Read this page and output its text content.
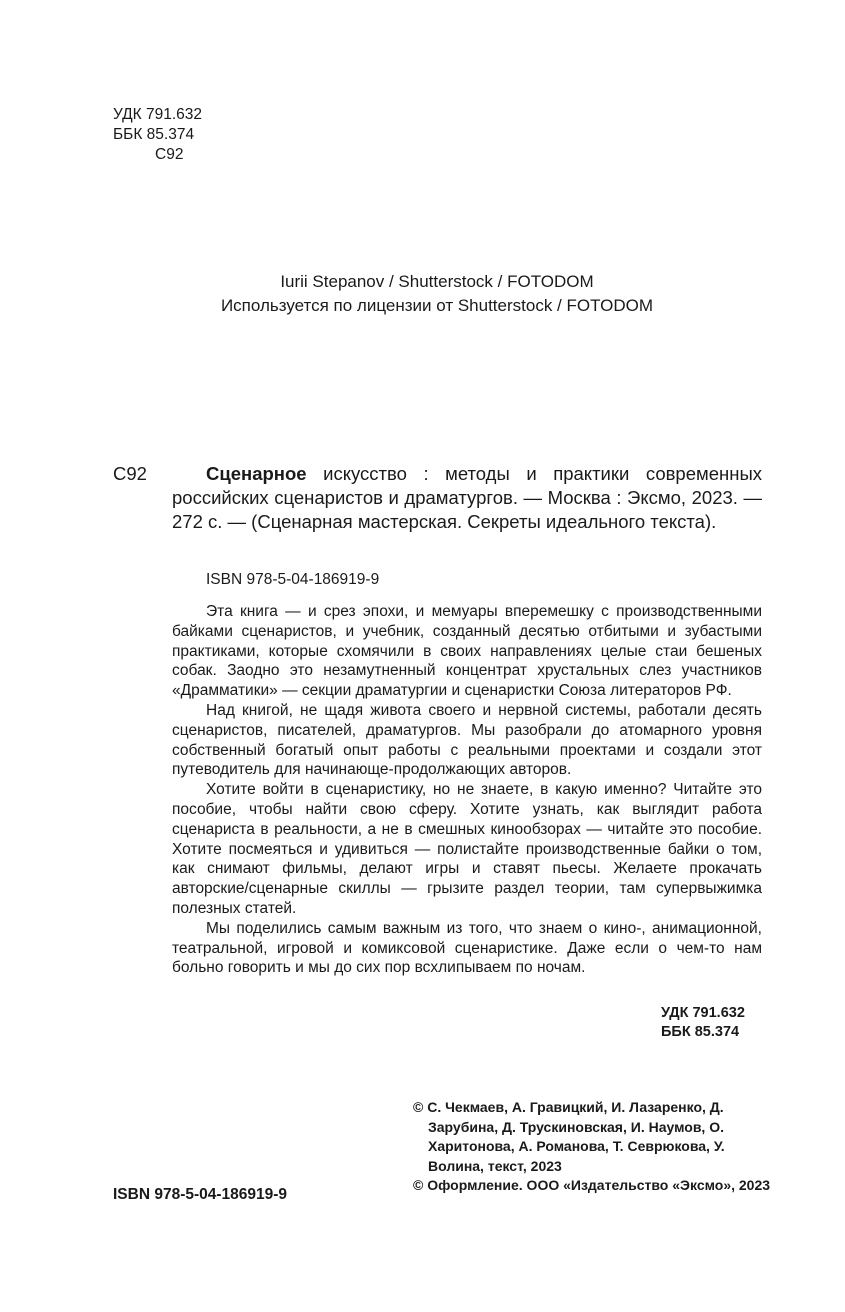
УДК 791.632
ББК 85.374
С92
Iurii Stepanov / Shutterstock / FOTODOM
Используется по лицензии от Shutterstock / FOTODOM
С92	Сценарное искусство : методы и практики современных российских сценаристов и драматургов. — Москва : Эксмо, 2023. — 272 с. — (Сценарная мастерская. Секреты идеального текста).

ISBN 978-5-04-186919-9

Эта книга — и срез эпохи, и мемуары вперемешку с производственными байками сценаристов, и учебник, созданный десятью отбитыми и зубастыми практиками, которые схомячили в своих направлениях целые стаи бешеных собак. Заодно это незамутненный концентрат хрустальных слез участников «Драмматики» — секции драматургии и сценаристки Союза литераторов РФ.

Над книгой, не щадя живота своего и нервной системы, работали десять сценаристов, писателей, драматургов. Мы разобрали до атомарного уровня собственный богатый опыт работы с реальными проектами и создали этот путеводитель для начинающе-продолжающих авторов.

Хотите войти в сценаристику, но не знаете, в какую именно? Читайте это пособие, чтобы найти свою сферу. Хотите узнать, как выглядит работа сценариста в реальности, а не в смешных кинообзорах — читайте это пособие. Хотите посмеяться и удивиться — полистайте производственные байки о том, как снимают фильмы, делают игры и ставят пьесы. Желаете прокачать авторские/сценарные скиллы — грызите раздел теории, там супервыжимка полезных статей.

Мы поделились самым важным из того, что знаем о кино-, анимационной, театральной, игровой и комиксовой сценаристике. Даже если о чем-то нам больно говорить и мы до сих пор всхлипываем по ночам.

УДК 791.632
ББК 85.374

© С. Чекмаев, А. Гравицкий, И. Лазаренко, Д. Зарубина, Д. Трускиновская, И. Наумов, О. Харитонова, А. Романова, Т. Севрюкова, У. Волина, текст, 2023

© Оформление. ООО «Издательство «Эксмо», 2023

ISBN 978-5-04-186919-9
